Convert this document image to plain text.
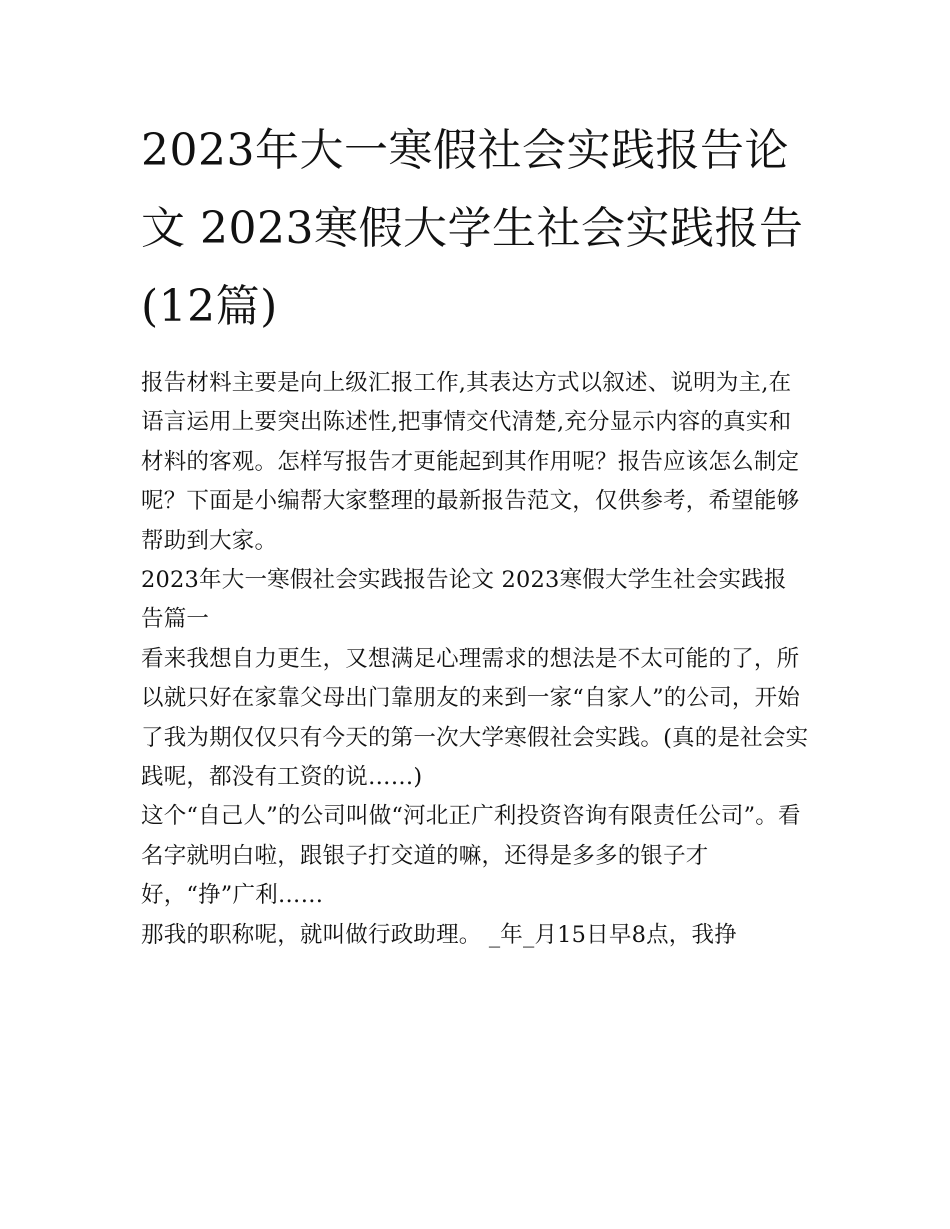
2023年大一寒假社会实践报告论文 2023寒假大学生社会实践报告(12篇)

报告材料主要是向上级汇报工作,其表达方式以叙述、说明为主,在语言运用上要突出陈述性,把事情交代清楚,充分显示内容的真实和材料的客观。怎样写报告才更能起到其作用呢？报告应该怎么制定呢？下面是小编帮大家整理的最新报告范文，仅供参考，希望能够帮助到大家。

2023年大一寒假社会实践报告论文 2023寒假大学生社会实践报告篇一

看来我想自力更生，又想满足心理需求的想法是不太可能的了，所以就只好在家靠父母出门靠朋友的来到一家“自家人”的公司，开始了我为期仅仅只有今天的第一次大学寒假社会实践。(真的是社会实践呢，都没有工资的说……)

这个“自己人”的公司叫做“河北正广利投资咨询有限责任公司”。看名字就明白啦，跟银子打交道的嘛，还得是多多的银子才好，“挣”广利……

那我的职称呢，就叫做行政助理。 _年_月15日早8点，我挣
